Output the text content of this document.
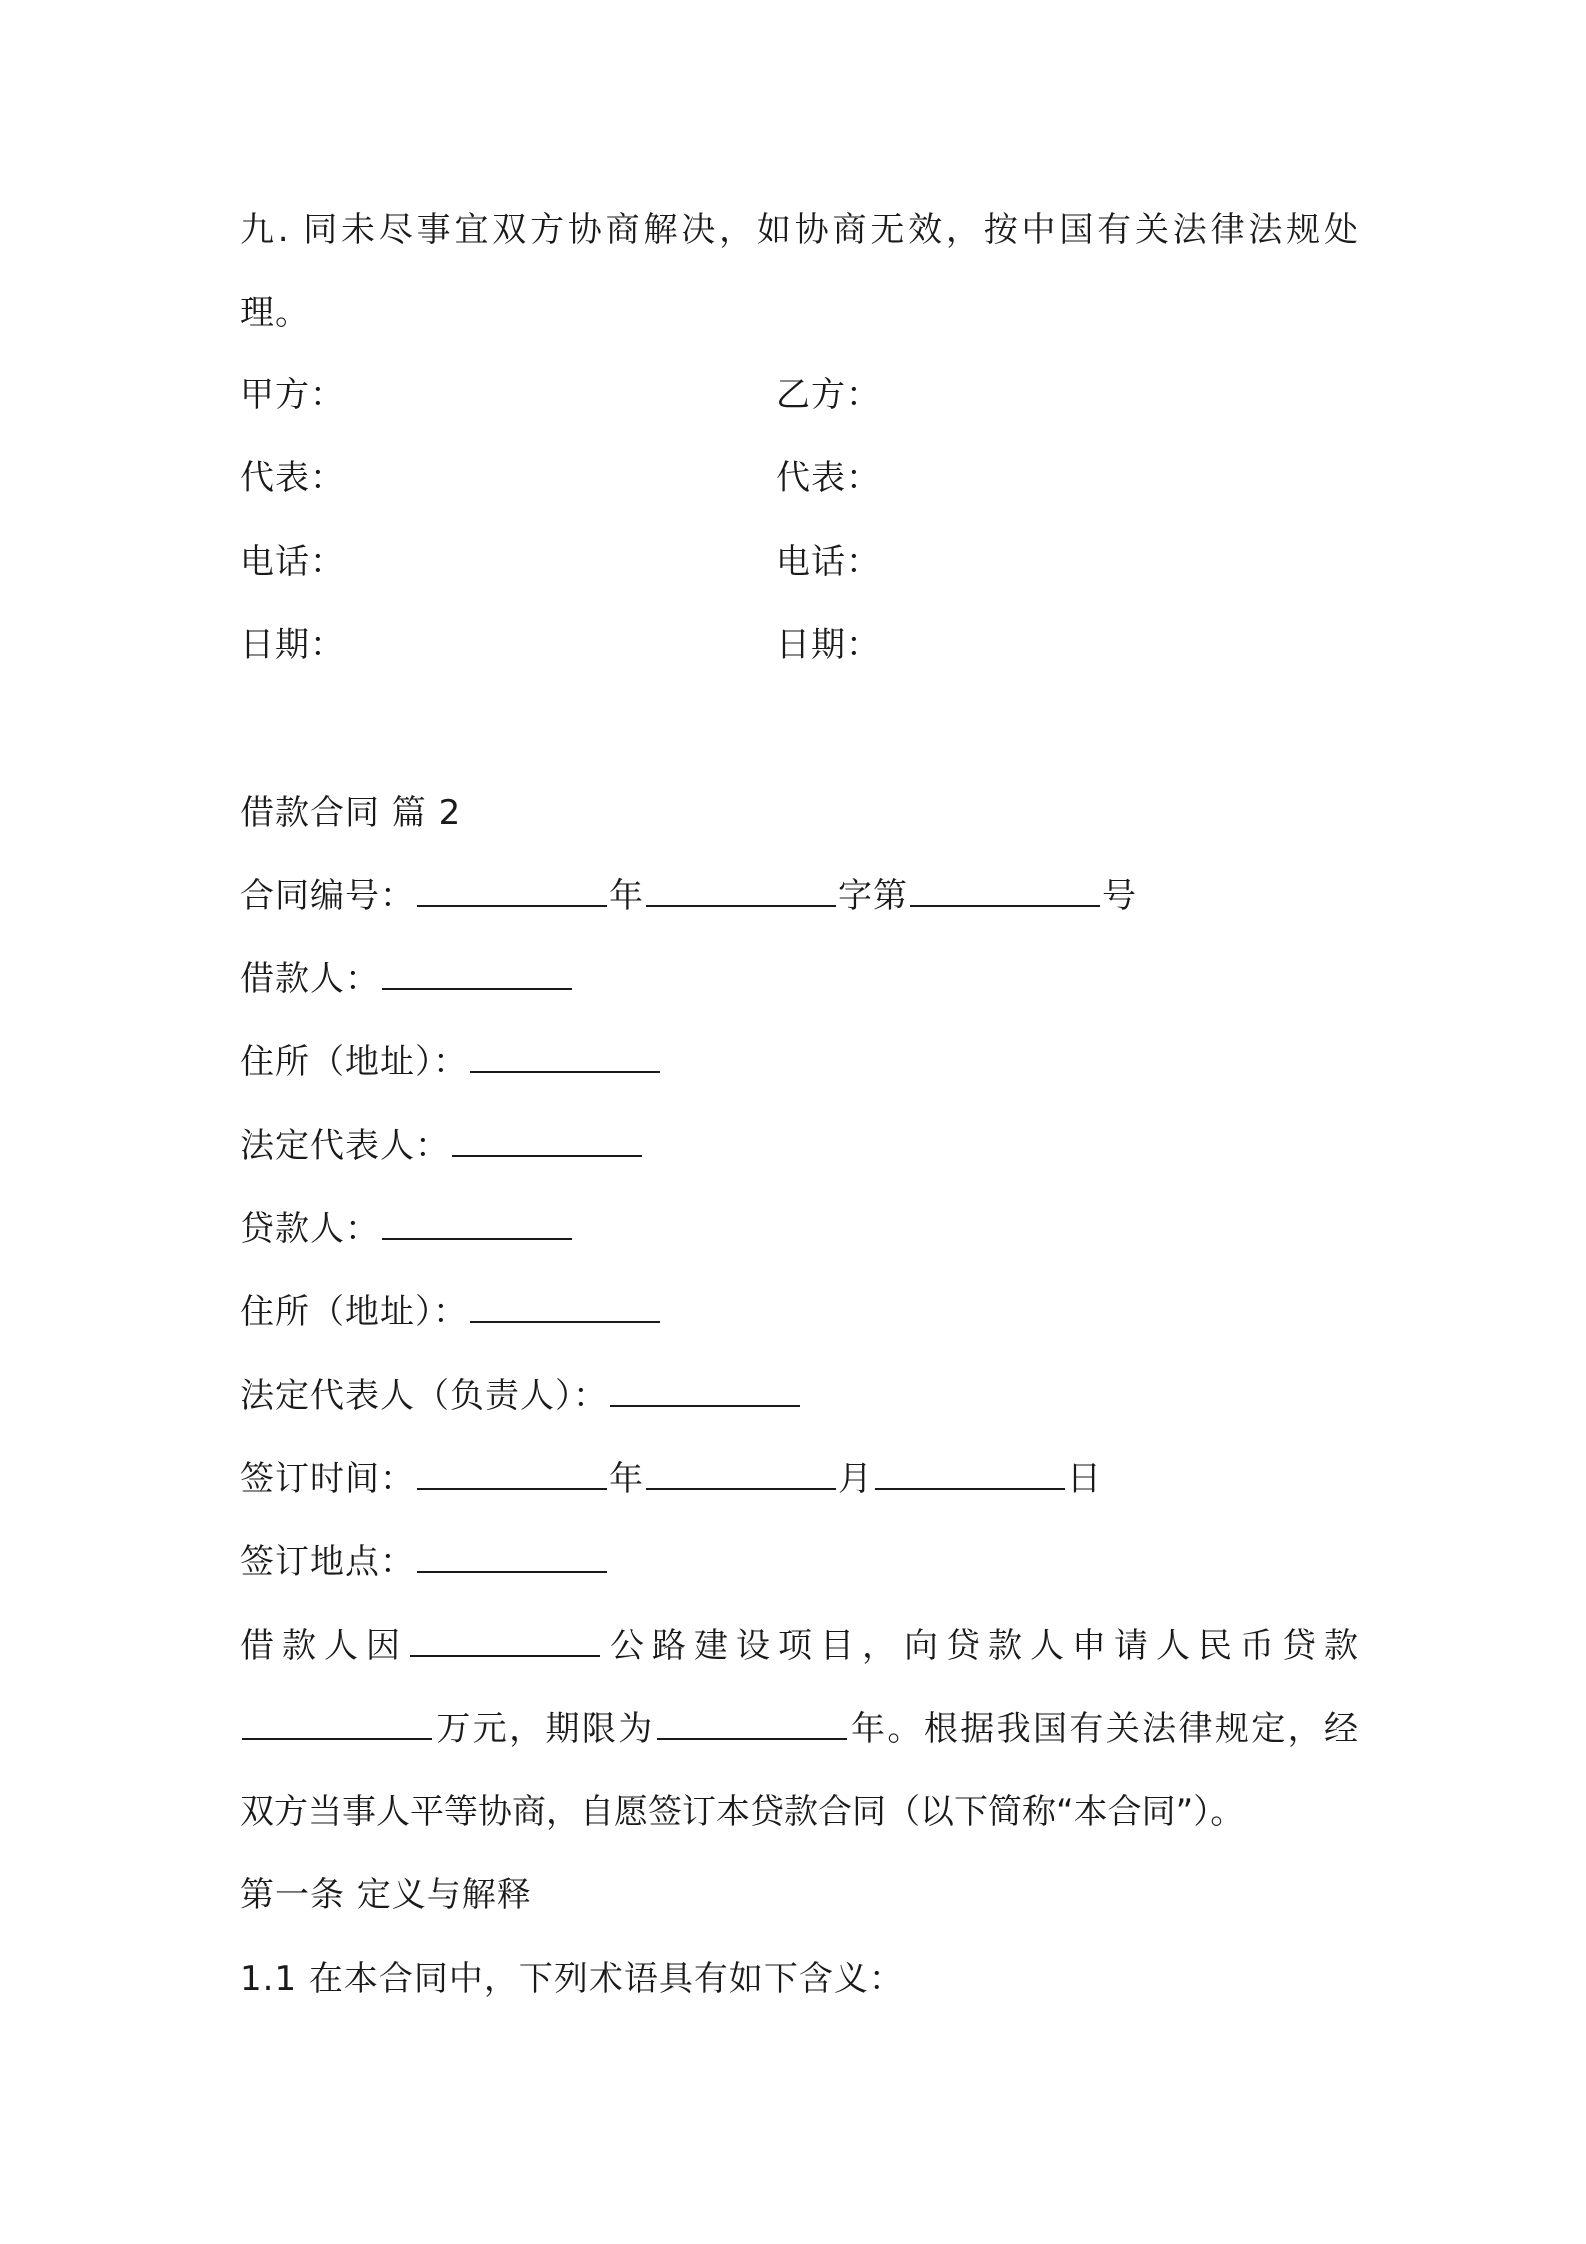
九. 同未尽事宜双方协商解决，如协商无效，按中国有关法律法规处
理。
甲方：	乙方：
代表：	代表：
电话：	电话：
日期：	日期：
借款合同 篇 2
合同编号：	年	字第	号
借款人：
住所（地址）：
法定代表人：
贷款人：
住所（地址）：
法定代表人（负责人）：
签订时间：	年	月	日
签订地点：
借款人因	公路建设项目，向贷款人申请人民币贷款
万元，期限为	年。根据我国有关法律规定，经
双方当事人平等协商，自愿签订本贷款合同（以下简称“本合同”）。
第一条 定义与解释
1.1 在本合同中，下列术语具有如下含义：
